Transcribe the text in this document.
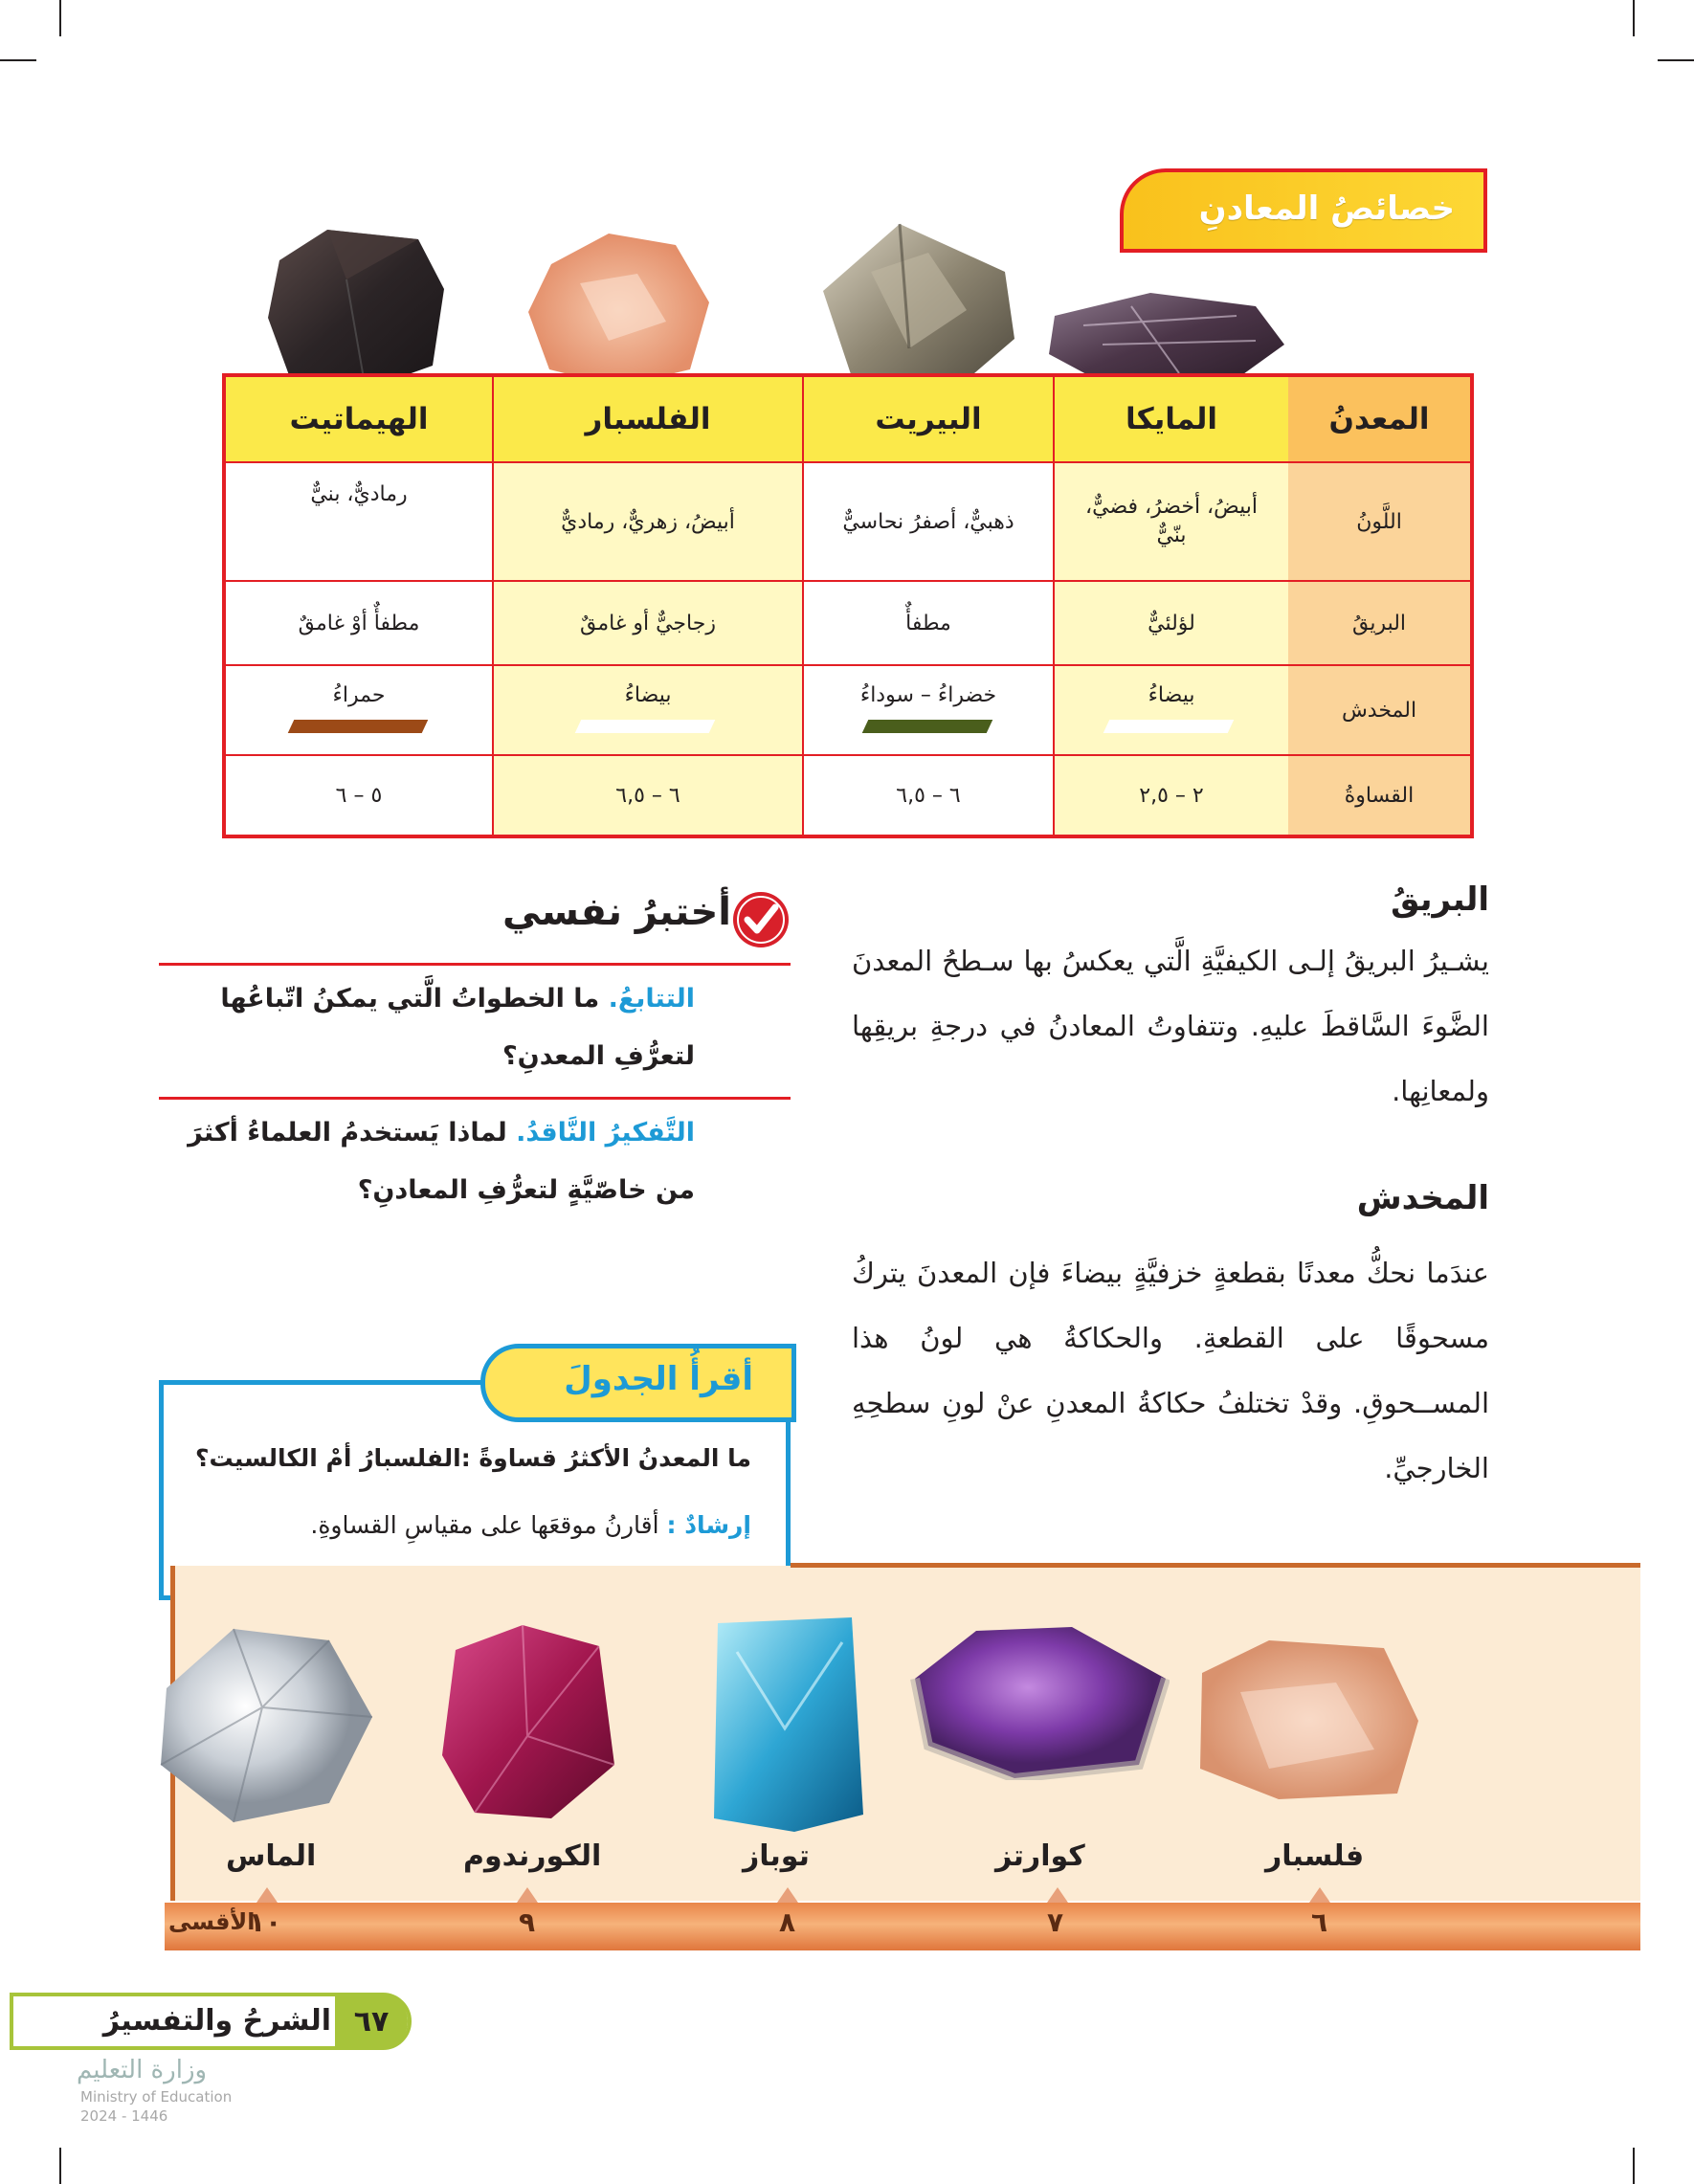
خصائصُ المعادنِ
المعدنُ
المايكا
البيريت
الفلسبار
الهيماتيت
اللَّونُ
أبيضُ، أخضرُ، فضيٌّ، بنّيٌّ
ذهبيٌّ، أصفرُ نحاسيٌّ
أبيضُ، زهريٌّ، رماديٌّ
رماديٌّ، بنيٌّ
البريقُ
لؤلئيٌّ
مطفأٌ
زجاجيٌّ أو غامقٌ
مطفأٌ أوْ غامقٌ
المخدش
بيضاءُ
خضراءُ – سوداءُ
بيضاءُ
حمراءُ
القساوةُ
٢ – ٢,٥
٦ – ٦,٥
٦ – ٦,٥
٥ – ٦
البريقُ
يشـيرُ البريقُ إلـى الكيفيَّةِ الَّتي يعكسُ بها سـطحُ المعدنَ الضَّوءَ السَّاقطَ عليهِ. وتتفاوتُ المعادنُ في درجةِ بريقِها ولمعانِها.
المخدش
عندَما نحكُّ معدنًا بقطعةٍ خزفيَّةٍ بيضاءَ فإن المعدنَ يتركُ مسحوقًا على القطعةِ. والحكاكةُ هي لونُ هذا المســحوقِ. وقدْ تختلفُ حكاكةُ المعدنِ عنْ لونِ سطحِهِ الخارجيِّ.
أختبرُ نفسي
التتابعُ. ما الخطواتُ الَّتي يمكنُ اتّباعُها لتعرُّفِ المعدنِ؟
التَّفكيرُ النَّاقدُ. لماذا يَستخدمُ العلماءُ أكثرَ من خاصّيَّةٍ لتعرُّفِ المعادنِ؟
ما المعدنُ الأكثرُ قساوةً :الفلسبارُ أمْ الكالسيت؟
إرشادٌ : أقارنُ موقعَها على مقياسِ القساوةِ.
أقرأُ الجدولَ
فلسبار
كوارتز
توباز
الكورندوم
الماس
٦
٧
٨
٩
١٠
الأقسى
الشرحُ والتفسيرُ ٦٧
وزارة التعليم
Ministry of Education
2024 - 1446
